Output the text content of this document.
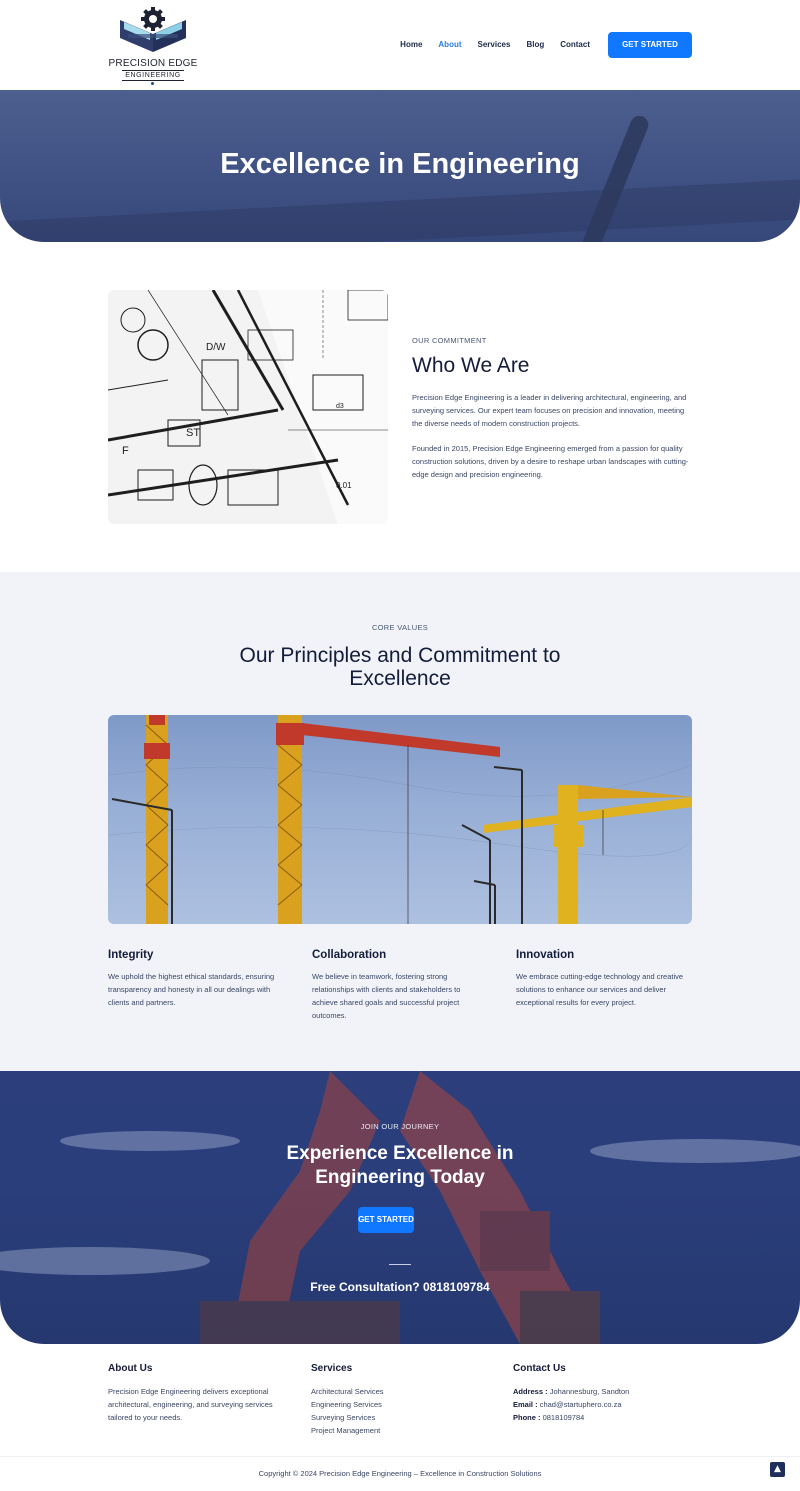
PRECISION EDGE
ENGINEERING
Home About Services Blog Contact	GET STARTED
Excellence in Engineering
D/W
ST
F
d3
0.01
OUR COMMITMENT
Who We Are

Precision Edge Engineering is a leader in delivering architectural, engineering, and surveying services. Our expert team focuses on precision and innovation, meeting the diverse needs of modern construction projects.

Founded in 2015, Precision Edge Engineering emerged from a passion for quality construction solutions, driven by a desire to reshape urban landscapes with cutting-edge design and precision engineering.

CORE VALUES
Our Principles and Commitment to Excellence
Integrity

We uphold the highest ethical standards, ensuring transparency and honesty in all our dealings with clients and partners.

Collaboration

We believe in teamwork, fostering strong relationships with clients and stakeholders to achieve shared goals and successful project outcomes.

Innovation

We embrace cutting-edge technology and creative solutions to enhance our services and deliver exceptional results for every project.

JOIN OUR JOURNEY
Experience Excellence in Engineering Today
GET STARTED
Free Consultation? 0818109784
About Us

Precision Edge Engineering delivers exceptional architectural, engineering, and surveying services tailored to your needs.

Services
Architectural Services
Engineering Services
Surveying Services
Project Management
Contact Us
Address : Johannesburg, Sandton
Email : chad@startuphero.co.za
Phone : 0818109784
Copyright © 2024 Precision Edge Engineering – Excellence in Construction Solutions	▲
